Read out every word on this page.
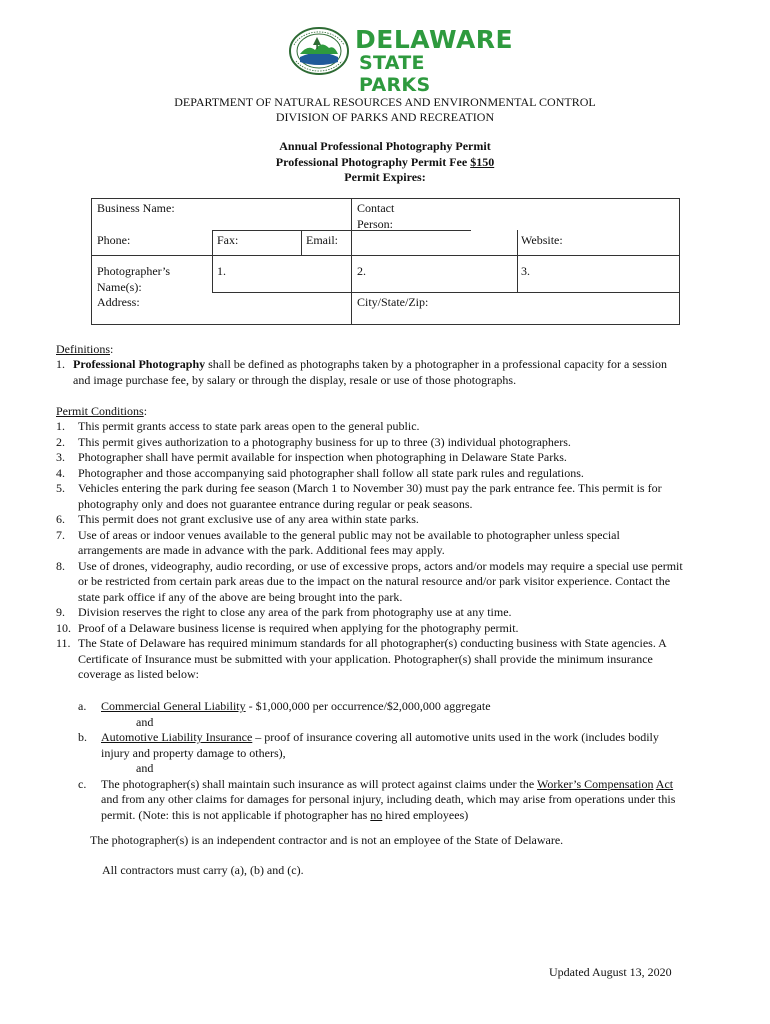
DELAWARE
STATE PARKS
DEPARTMENT OF NATURAL RESOURCES AND ENVIRONMENTAL CONTROL
DIVISION OF PARKS AND RECREATION
Annual Professional Photography Permit
Professional Photography Permit Fee $150
Permit Expires:
Business Name:	Contact Person:
Phone:	Fax:	Email:	Website:
Photographer’s Name(s):
1.	2.	3.
Address:	City/State/Zip:
Definitions:
1. Professional Photography shall be defined as photographs taken by a photographer in a professional capacity for a session and image purchase fee, by salary or through the display, resale or use of those photographs.
Permit Conditions:
1. This permit grants access to state park areas open to the general public.
2. This permit gives authorization to a photography business for up to three (3) individual photographers.
3. Photographer shall have permit available for inspection when photographing in Delaware State Parks.
4. Photographer and those accompanying said photographer shall follow all state park rules and regulations.
5. Vehicles entering the park during fee season (March 1 to November 30) must pay the park entrance fee. This permit is for photography only and does not guarantee entrance during regular or peak seasons.
6. This permit does not grant exclusive use of any area within state parks.
7. Use of areas or indoor venues available to the general public may not be available to photographer unless special arrangements are made in advance with the park. Additional fees may apply.
8. Use of drones, videography, audio recording, or use of excessive props, actors and/or models may require a special use permit or be restricted from certain park areas due to the impact on the natural resource and/or park visitor experience. Contact the state park office if any of the above are being brought into the park.
9. Division reserves the right to close any area of the park from photography use at any time.
10. Proof of a Delaware business license is required when applying for the photography permit.
11. The State of Delaware has required minimum standards for all photographer(s) conducting business with State agencies. A Certificate of Insurance must be submitted with your application. Photographer(s) shall provide the minimum insurance coverage as listed below:
a. Commercial General Liability - $1,000,000 per occurrence/$2,000,000 aggregate
and
b. Automotive Liability Insurance – proof of insurance covering all automotive units used in the work (includes bodily injury and property damage to others),
and
c. The photographer(s) shall maintain such insurance as will protect against claims under the Worker’s Compensation Act and from any other claims for damages for personal injury, including death, which may arise from operations under this permit. (Note: this is not applicable if photographer has no hired employees)
The photographer(s) is an independent contractor and is not an employee of the State of Delaware.
All contractors must carry (a), (b) and (c).
Updated August 13, 2020
